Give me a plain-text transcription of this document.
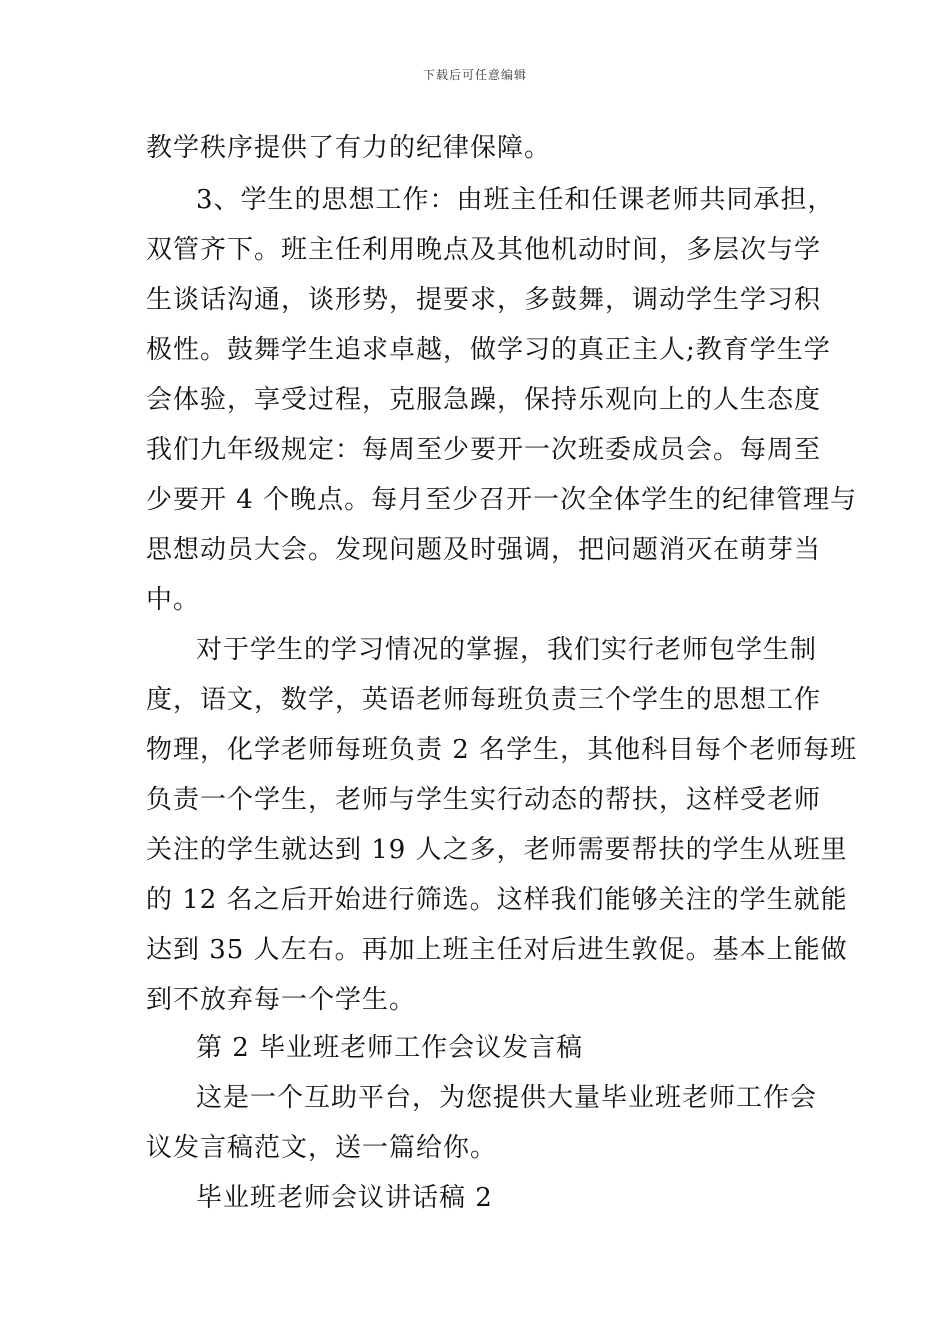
下载后可任意编辑
教学秩序提供了有力的纪律保障。
3、学生的思想工作：由班主任和任课老师共同承担，
双管齐下。班主任利用晚点及其他机动时间，多层次与学
生谈话沟通，谈形势，提要求，多鼓舞，调动学生学习积
极性。鼓舞学生追求卓越，做学习的真正主人;教育学生学
会体验，享受过程，克服急躁，保持乐观向上的人生态度
我们九年级规定：每周至少要开一次班委成员会。每周至
少要开 4 个晚点。每月至少召开一次全体学生的纪律管理与
思想动员大会。发现问题及时强调，把问题消灭在萌芽当
中。
对于学生的学习情况的掌握，我们实行老师包学生制
度，语文，数学，英语老师每班负责三个学生的思想工作
物理，化学老师每班负责 2 名学生，其他科目每个老师每班
负责一个学生，老师与学生实行动态的帮扶，这样受老师
关注的学生就达到 19 人之多，老师需要帮扶的学生从班里
的 12 名之后开始进行筛选。这样我们能够关注的学生就能
达到 35 人左右。再加上班主任对后进生敦促。基本上能做
到不放弃每一个学生。
第 2 毕业班老师工作会议发言稿
这是一个互助平台，为您提供大量毕业班老师工作会
议发言稿范文，送一篇给你。
毕业班老师会议讲话稿 2
